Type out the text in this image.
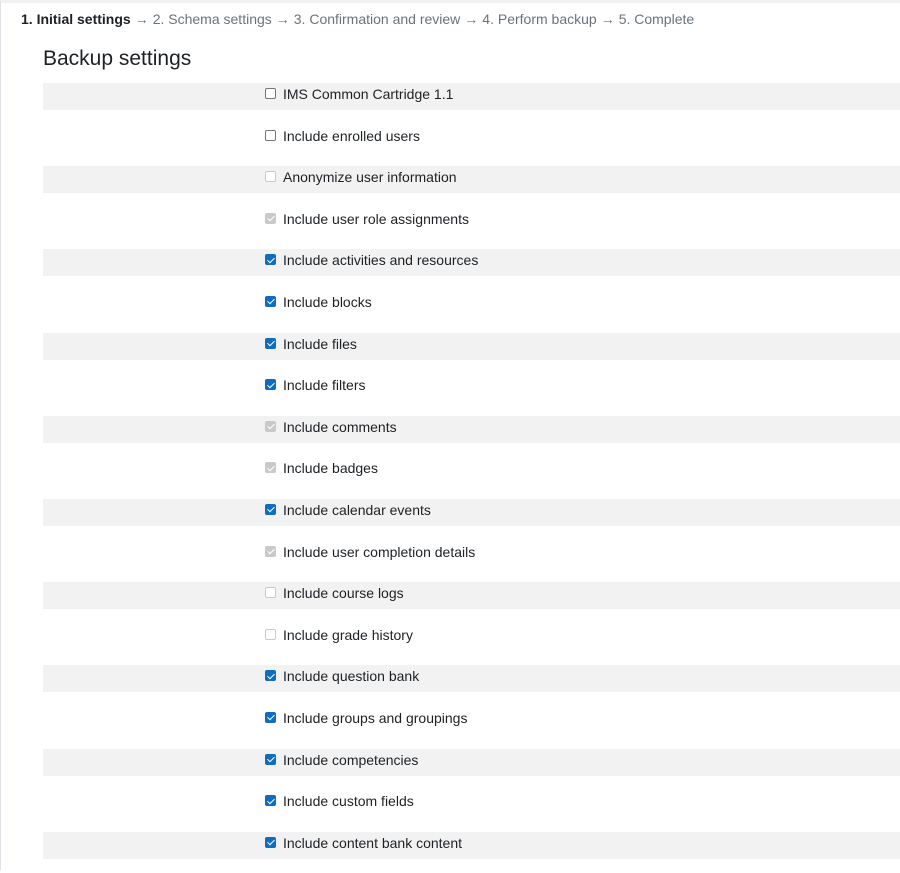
1. Initial settings → 2. Schema settings → 3. Confirmation and review → 4. Perform backup → 5. Complete
Backup settings
IMS Common Cartridge 1.1
Include enrolled users
Anonymize user information
Include user role assignments
Include activities and resources
Include blocks
Include files
Include filters
Include comments
Include badges
Include calendar events
Include user completion details
Include course logs
Include grade history
Include question bank
Include groups and groupings
Include competencies
Include custom fields
Include content bank content
